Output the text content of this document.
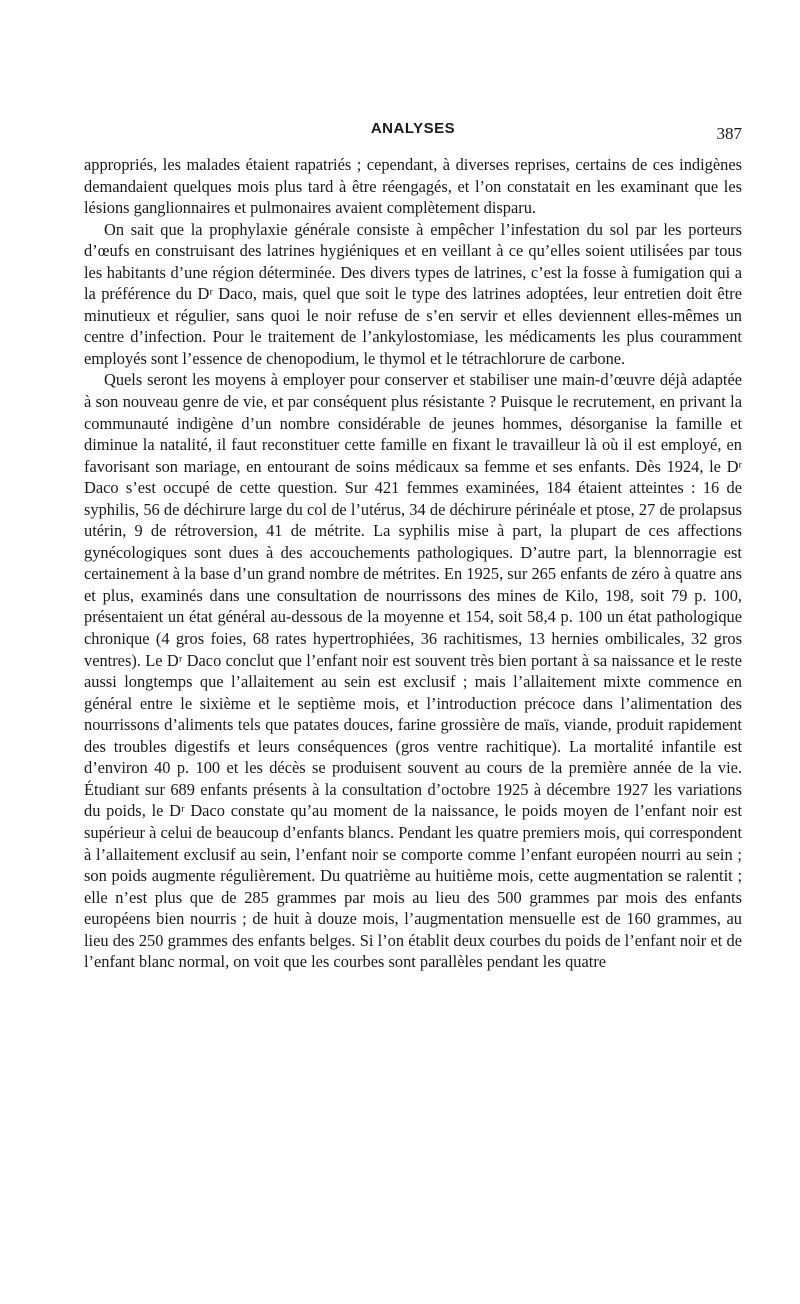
ANALYSES	387

appropriés, les malades étaient rapatriés ; cependant, à diverses reprises, certains de ces indigènes demandaient quelques mois plus tard à être réengagés, et l’on constatait en les examinant que les lésions ganglionnaires et pulmonaires avaient complètement disparu.

On sait que la prophylaxie générale consiste à empêcher l’infestation du sol par les porteurs d’œufs en construisant des latrines hygiéniques et en veillant à ce qu’elles soient utilisées par tous les habitants d’une région déterminée. Des divers types de latrines, c’est la fosse à fumigation qui a la préférence du Dʳ Daco, mais, quel que soit le type des latrines adoptées, leur entretien doit être minutieux et régulier, sans quoi le noir refuse de s’en servir et elles deviennent elles-mêmes un centre d’infection. Pour le traitement de l’ankylostomiase, les médicaments les plus couramment employés sont l’essence de chenopodium, le thymol et le tétrachlorure de carbone.

Quels seront les moyens à employer pour conserver et stabiliser une main-d’œuvre déjà adaptée à son nouveau genre de vie, et par conséquent plus résistante ? Puisque le recrutement, en privant la communauté indigène d’un nombre considérable de jeunes hommes, désorganise la famille et diminue la natalité, il faut reconstituer cette famille en fixant le travailleur là où il est employé, en favorisant son mariage, en entourant de soins médicaux sa femme et ses enfants. Dès 1924, le Dʳ Daco s’est occupé de cette question. Sur 421 femmes examinées, 184 étaient atteintes : 16 de syphilis, 56 de déchirure large du col de l’utérus, 34 de déchirure périnéale et ptose, 27 de prolapsus utérin, 9 de rétroversion, 41 de métrite. La syphilis mise à part, la plupart de ces affections gynécologiques sont dues à des accouchements pathologiques. D’autre part, la blennorragie est certainement à la base d’un grand nombre de métrites. En 1925, sur 265 enfants de zéro à quatre ans et plus, examinés dans une consultation de nourrissons des mines de Kilo, 198, soit 79 p. 100, présentaient un état général au-dessous de la moyenne et 154, soit 58,4 p. 100 un état pathologique chronique (4 gros foies, 68 rates hypertrophiées, 36 rachitismes, 13 hernies ombilicales, 32 gros ventres). Le Dʳ Daco conclut que l’enfant noir est souvent très bien portant à sa naissance et le reste aussi longtemps que l’allaitement au sein est exclusif ; mais l’allaitement mixte commence en général entre le sixième et le septième mois, et l’introduction précoce dans l’alimentation des nourrissons d’aliments tels que patates douces, farine grossière de maïs, viande, produit rapidement des troubles digestifs et leurs conséquences (gros ventre rachitique). La mortalité infantile est d’environ 40 p. 100 et les décès se produisent souvent au cours de la première année de la vie. Étudiant sur 689 enfants présents à la consultation d’octobre 1925 à décembre 1927 les variations du poids, le Dʳ Daco constate qu’au moment de la naissance, le poids moyen de l’enfant noir est supérieur à celui de beaucoup d’enfants blancs. Pendant les quatre premiers mois, qui correspondent à l’allaitement exclusif au sein, l’enfant noir se comporte comme l’enfant européen nourri au sein ; son poids augmente régulièrement. Du quatrième au huitième mois, cette augmentation se ralentit ; elle n’est plus que de 285 grammes par mois au lieu des 500 grammes par mois des enfants européens bien nourris ; de huit à douze mois, l’augmentation mensuelle est de 160 grammes, au lieu des 250 grammes des enfants belges. Si l’on établit deux courbes du poids de l’enfant noir et de l’enfant blanc normal, on voit que les courbes sont parallèles pendant les quatre
